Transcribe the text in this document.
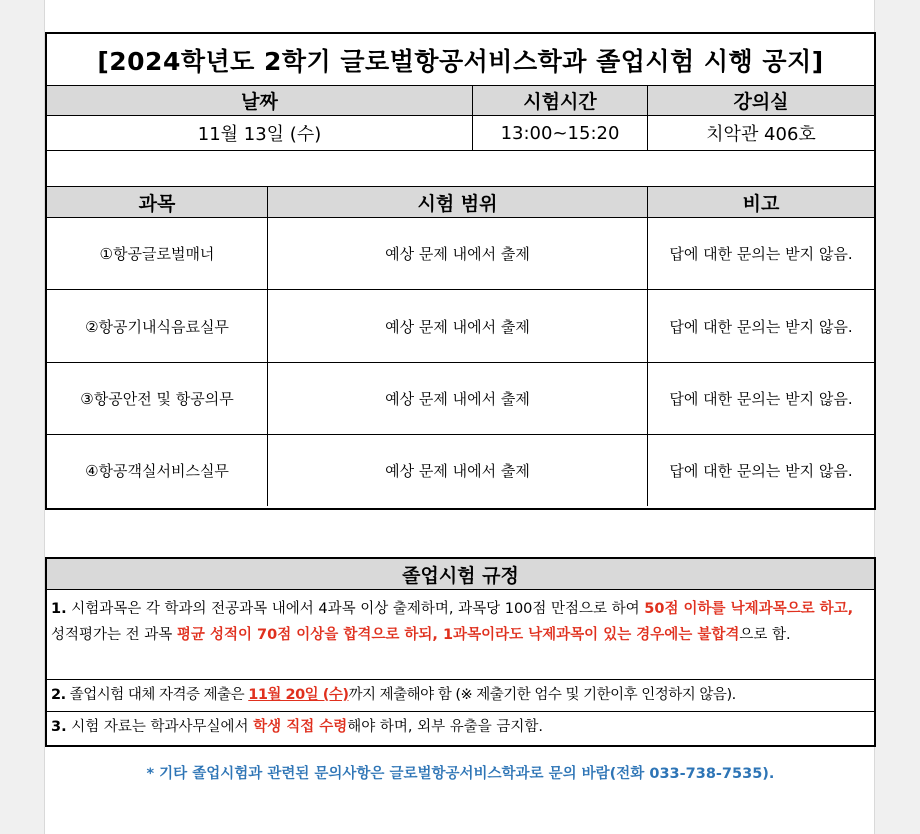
[2024학년도 2학기 글로벌항공서비스학과 졸업시험 시행 공지]
날짜	시험시간	강의실
11월 13일 (수)	13:00~15:20	치악관 406호
과목	시험 범위	비고
①항공글로벌매너	예상 문제 내에서 출제	답에 대한 문의는 받지 않음.
②항공기내식음료실무	예상 문제 내에서 출제	답에 대한 문의는 받지 않음.
③항공안전 및 항공의무	예상 문제 내에서 출제	답에 대한 문의는 받지 않음.
④항공객실서비스실무	예상 문제 내에서 출제	답에 대한 문의는 받지 않음.
졸업시험 규정
1. 시험과목은 각 학과의 전공과목 내에서 4과목 이상 출제하며, 과목당 100점 만점으로 하여 50점 이하를 낙제과목으로 하고, 성적평가는 전 과목 평균 성적이 70점 이상을 합격으로 하되, 1과목이라도 낙제과목이 있는 경우에는 불합격으로 함.
2. 졸업시험 대체 자격증 제출은 11월 20일 (수)까지 제출해야 함 (※ 제출기한 엄수 및 기한이후 인정하지 않음).
3. 시험 자료는 학과사무실에서 학생 직접 수령해야 하며, 외부 유출을 금지함.
* 기타 졸업시험과 관련된 문의사항은 글로벌항공서비스학과로 문의 바람(전화 033-738-7535).
